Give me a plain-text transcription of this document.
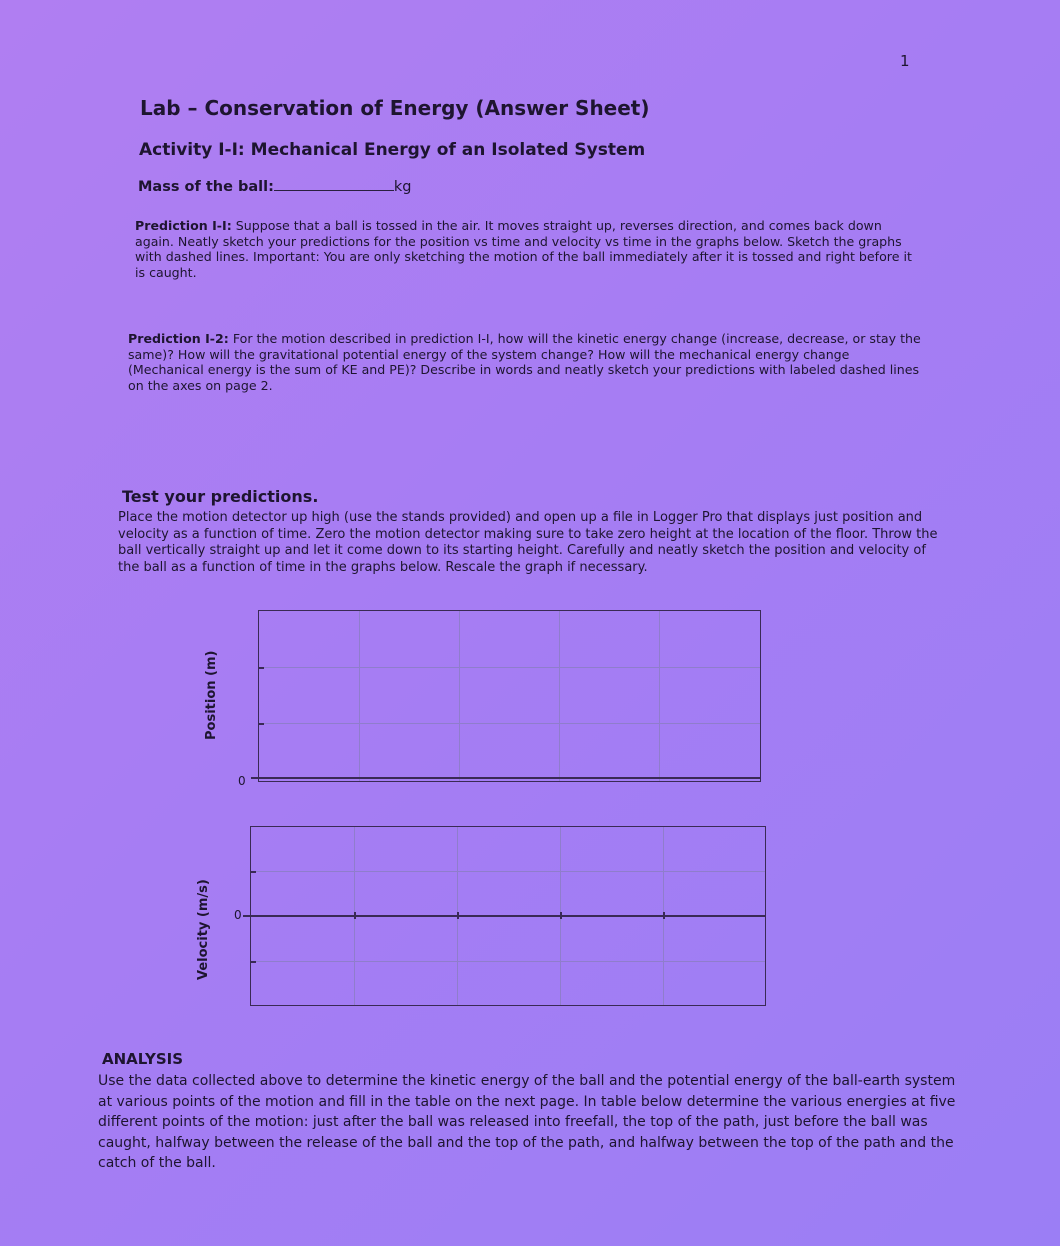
1
Lab – Conservation of Energy (Answer Sheet)
Activity I-I: Mechanical Energy of an Isolated System
Mass of the ball:	kg
Prediction I-I: Suppose that a ball is tossed in the air. It moves straight up, reverses direction, and comes back down again. Neatly sketch your predictions for the position vs time and velocity vs time in the graphs below. Sketch the graphs with dashed lines. Important: You are only sketching the motion of the ball immediately after it is tossed and right before it is caught.
Prediction I-2: For the motion described in prediction I-I, how will the kinetic energy change (increase, decrease, or stay the same)? How will the gravitational potential energy of the system change? How will the mechanical energy change (Mechanical energy is the sum of KE and PE)? Describe in words and neatly sketch your predictions with labeled dashed lines on the axes on page 2.
Test your predictions.
Place the motion detector up high (use the stands provided) and open up a file in Logger Pro that displays just position and velocity as a function of time. Zero the motion detector making sure to take zero height at the location of the floor. Throw the ball vertically straight up and let it come down to its starting height. Carefully and neatly sketch the position and velocity of the ball as a function of time in the graphs below. Rescale the graph if necessary.
Position (m)
0
Velocity (m/s) 0
ANALYSIS
Use the data collected above to determine the kinetic energy of the ball and the potential energy of the ball-earth system at various points of the motion and fill in the table on the next page. In table below determine the various energies at five different points of the motion: just after the ball was released into freefall, the top of the path, just before the ball was caught, halfway between the release of the ball and the top of the path, and halfway between the top of the path and the catch of the ball.
